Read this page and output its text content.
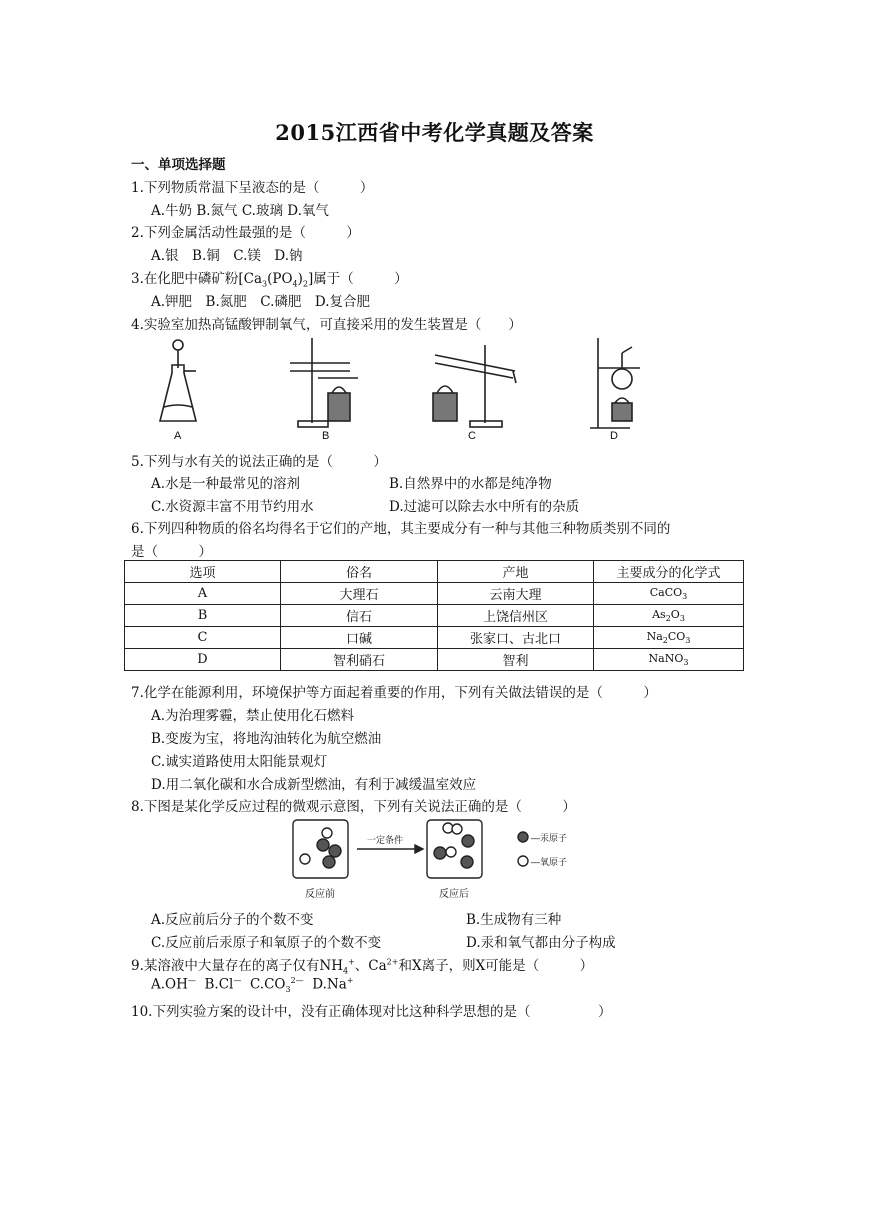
2015江西省中考化学真题及答案
一、单项选择题
1.下列物质常温下呈液态的是（　　　）
A.牛奶 B.氮气 C.玻璃 D.氧气
2.下列金属活动性最强的是（　　　）
A.银　B.铜　C.镁　D.钠
3.在化肥中磷矿粉$[Ca_3(PO_4)_2]$属于（　　　）
A.钾肥　B.氮肥　C.磷肥　D.复合肥
4.实验室加热高锰酸钾制氧气，可直接采用的发生装置是（　　）
A	B	C	D
5.下列与水有关的说法正确的是（　　　）
A.水是一种最常见的溶剂	B.自然界中的水都是纯净物
C.水资源丰富不用节约用水	D.过滤可以除去水中所有的杂质
6.下列四种物质的俗名均得名于它们的产地，其主要成分有一种与其他三种物质类别不同的
是（　　　）
选项	俗名	产地	主要成分的化学式
A	大理石	云南大理	CaCO$_3$
B	信石	上饶信州区	$As_2O_3$
C	口碱	张家口、古北口	$Na_2CO_3$
D	智利硝石	智利	NaNO$_3$
7.化学在能源利用，环境保护等方面起着重要的作用，下列有关做法错误的是（　　　）
A.为治理雾霾，禁止使用化石燃料
B.变废为宝，将地沟油转化为航空燃油
C.诚实道路使用太阳能景观灯
D.用二氧化碳和水合成新型燃油，有利于减缓温室效应
8.下图是某化学反应过程的微观示意图，下列有关说法正确的是（　　　）
一定条件
反应前	反应后
—汞原子
—氧原子
A.反应前后分子的个数不变	B.生成物有三种
C.反应前后汞原子和氧原子的个数不变	D.汞和氧气都由分子构成
9.某溶液中大量存在的离子仅有$NH_4^+$、$Ca^{2+}$和X离子，则X可能是（　　　）
A.OH— B.Cl— $C.CO_3^{2—}$ D.Na+
10.下列实验方案的设计中，没有正确体现对比这种科学思想的是（　　　　　）
